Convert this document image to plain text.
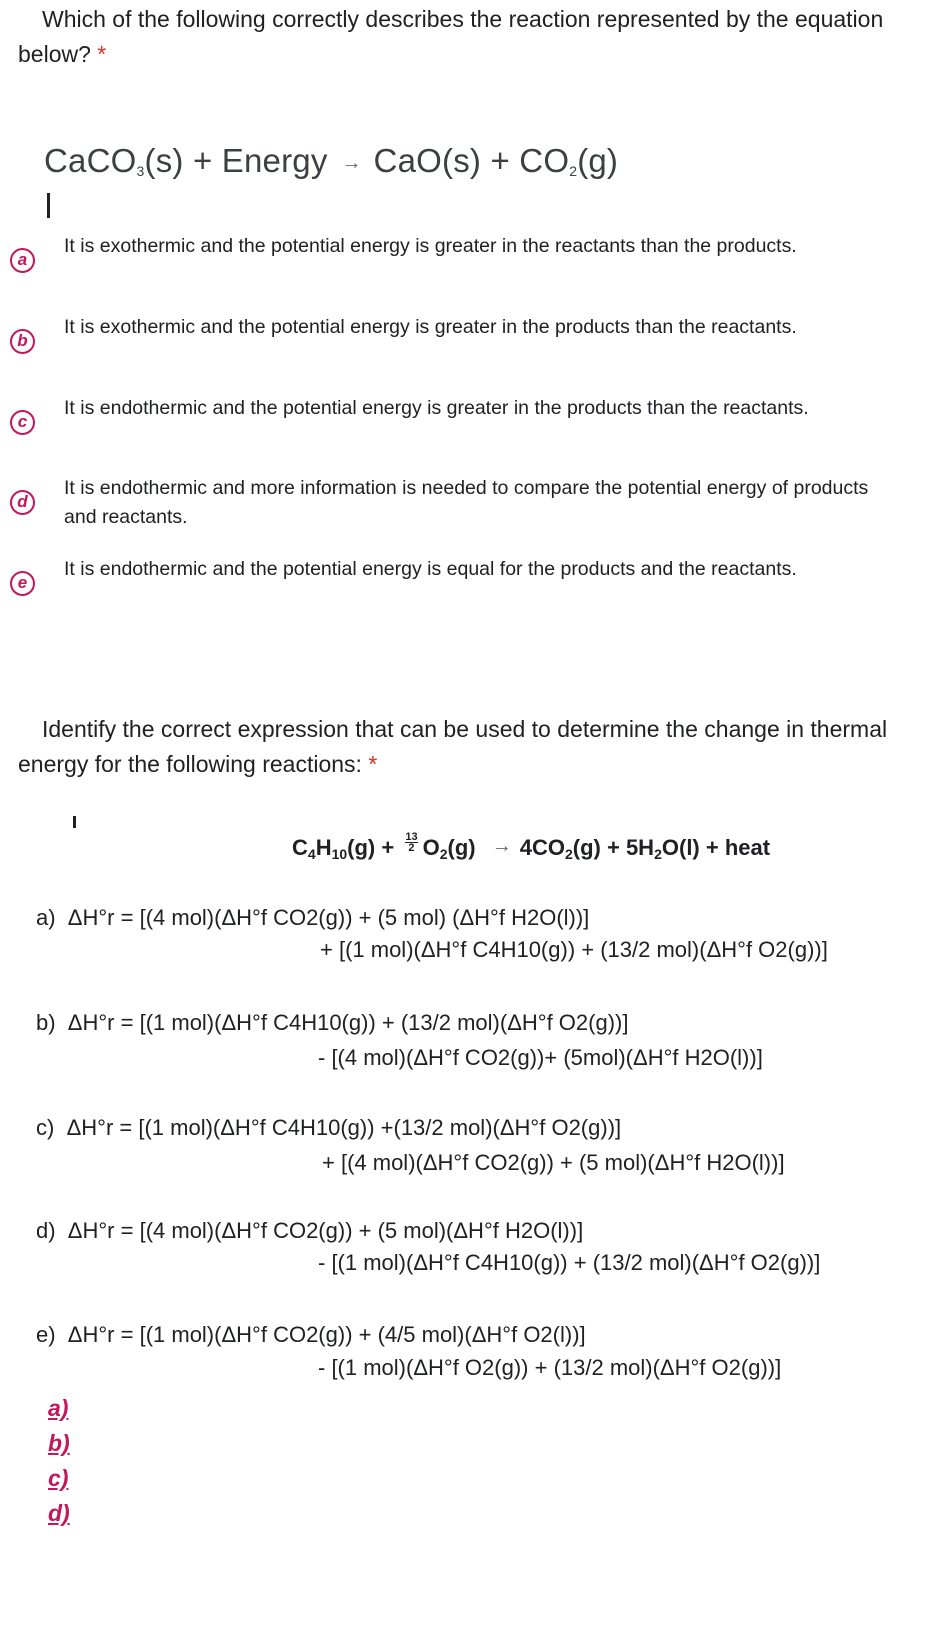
Which of the following correctly describes the reaction represented by the equation below? *
CaCO$_3$(s) + Energy → $CaO(s) + CO_2(g)$
a
It is exothermic and the potential energy is greater in the reactants than the products.
b
It is exothermic and the potential energy is greater in the products than the reactants.
c
It is endothermic and the potential energy is greater in the products than the reactants.
d
It is endothermic and more information is needed to compare the potential energy of products and reactants.
e
It is endothermic and the potential energy is equal for the products and the reactants.
Identify the correct expression that can be used to determine the change in thermal energy for the following reactions: *
$C_4H_{10}(g) + \frac{13}{2} O_2(g) \to 4CO_2(g) + 5H_2O(l)$ + heat
a) ΔH°r = [(4 mol)(ΔH°f CO2(g)) + (5 mol) (ΔH°f H2O(l))]
+ [(1 mol)(ΔH°f C4H10(g)) + (13/2 mol)(ΔH°f O2(g))]
b) ΔH°r = [(1 mol)(ΔH°f C4H10(g)) + (13/2 mol)(ΔH°f O2(g))]
- [(4 mol)(ΔH°f CO2(g))+ (5mol)(ΔH°f H2O(l))]
c) ΔH°r = [(1 mol)(ΔH°f C4H10(g)) +(13/2 mol)(ΔH°f O2(g))]
+ [(4 mol)(ΔH°f CO2(g)) + (5 mol)(ΔH°f H2O(l))]
d) ΔH°r = [(4 mol)(ΔH°f CO2(g)) + (5 mol)(ΔH°f H2O(l))]
- [(1 mol)(ΔH°f C4H10(g)) + (13/2 mol)(ΔH°f O2(g))]
e) ΔH°r = [(1 mol)(ΔH°f CO2(g)) + (4/5 mol)(ΔH°f O2(l))]
- [(1 mol)(ΔH°f O2(g)) + (13/2 mol)(ΔH°f O2(g))]
a)
b)
c)
d)
